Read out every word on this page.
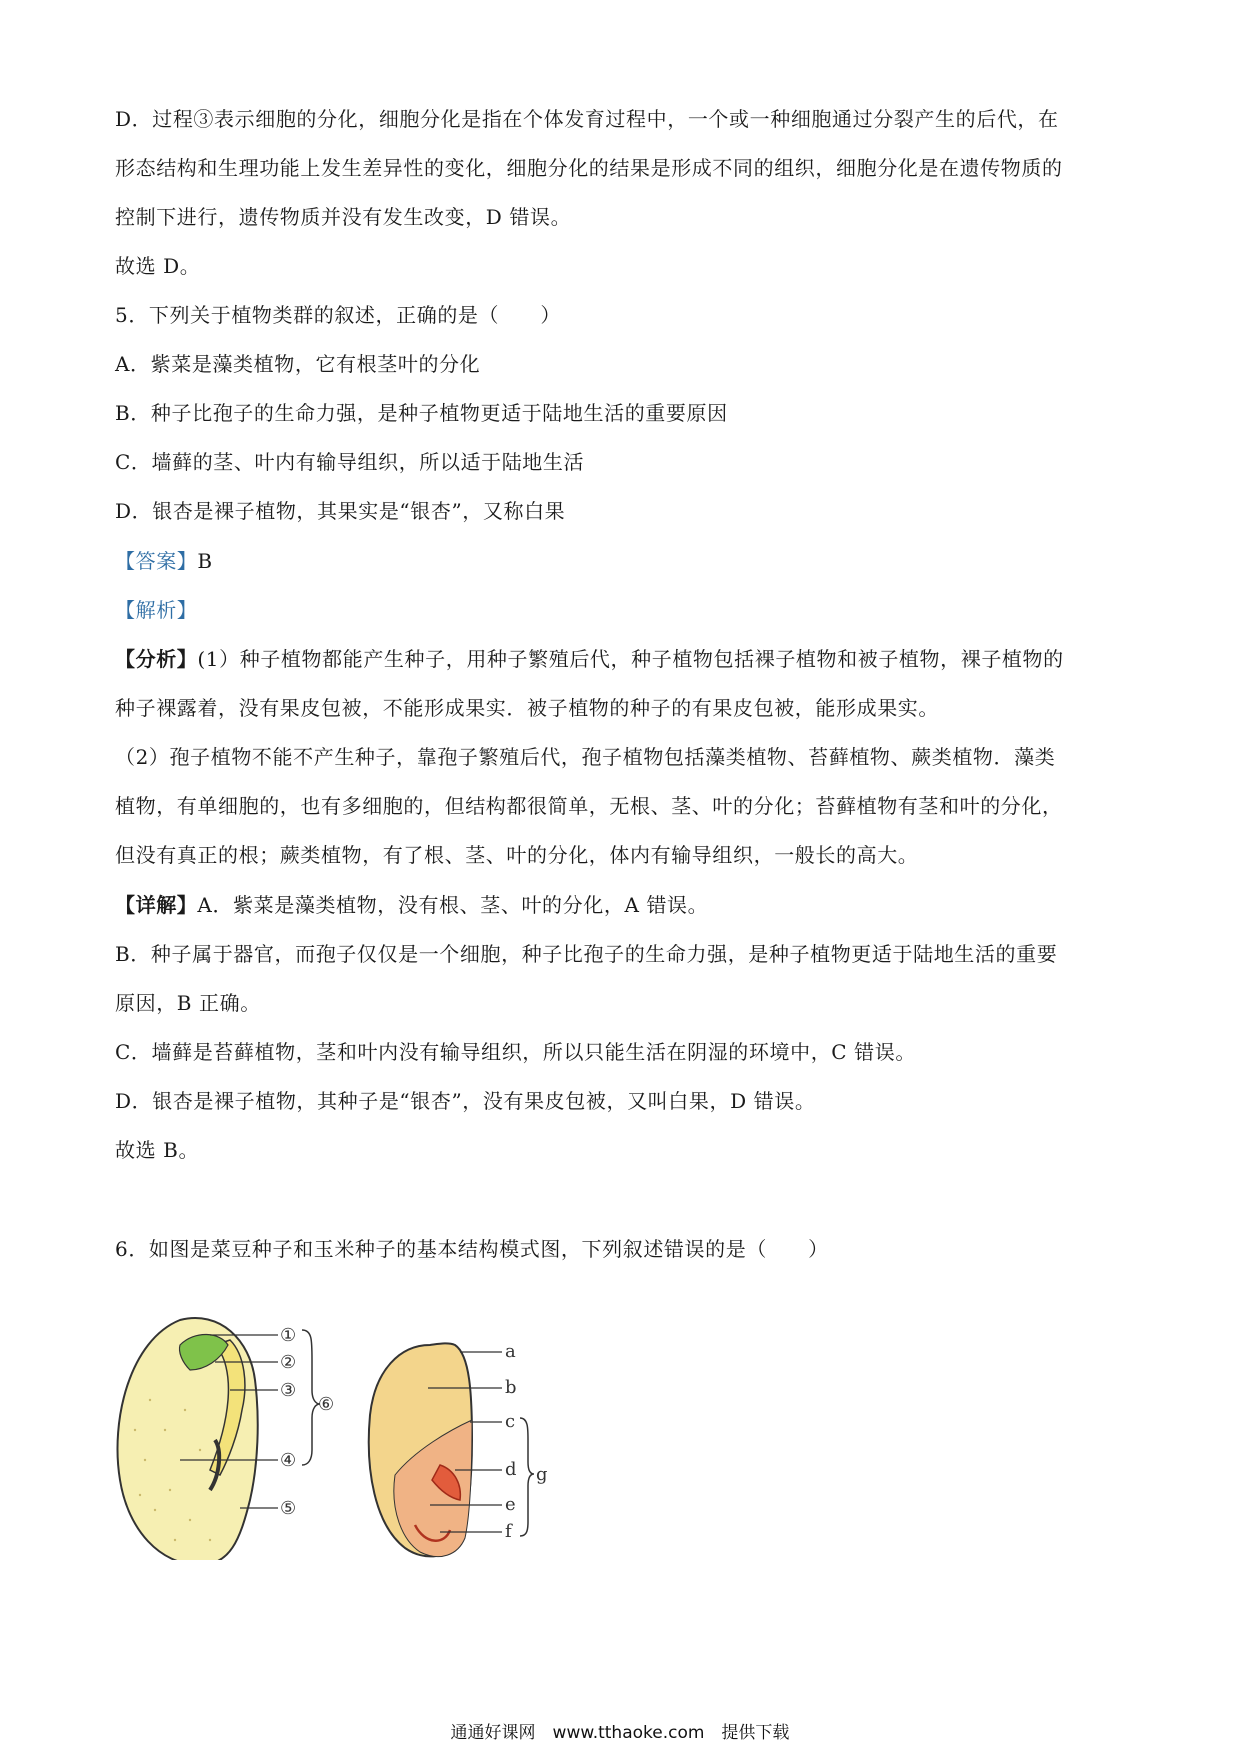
D．过程③表示细胞的分化，细胞分化是指在个体发育过程中，一个或一种细胞通过分裂产生的后代，在
形态结构和生理功能上发生差异性的变化，细胞分化的结果是形成不同的组织，细胞分化是在遗传物质的
控制下进行，遗传物质并没有发生改变，D 错误。
故选 D。
5．下列关于植物类群的叙述，正确的是（　　）
A．紫菜是藻类植物，它有根茎叶的分化
B．种子比孢子的生命力强，是种子植物更适于陆地生活的重要原因
C．墙藓的茎、叶内有输导组织，所以适于陆地生活
D．银杏是裸子植物，其果实是“银杏”，又称白果
【答案】B
【解析】
【分析】(1）种子植物都能产生种子，用种子繁殖后代，种子植物包括裸子植物和被子植物，裸子植物的
种子裸露着，没有果皮包被，不能形成果实．被子植物的种子的有果皮包被，能形成果实。
（2）孢子植物不能不产生种子，靠孢子繁殖后代，孢子植物包括藻类植物、苔藓植物、蕨类植物．藻类
植物，有单细胞的，也有多细胞的，但结构都很简单，无根、茎、叶的分化；苔藓植物有茎和叶的分化，
但没有真正的根；蕨类植物，有了根、茎、叶的分化，体内有输导组织，一般长的高大。
【详解】A．紫菜是藻类植物，没有根、茎、叶的分化，A 错误。
B．种子属于器官，而孢子仅仅是一个细胞，种子比孢子的生命力强，是种子植物更适于陆地生活的重要
原因，B 正确。
C．墙藓是苔藓植物，茎和叶内没有输导组织，所以只能生活在阴湿的环境中，C 错误。
D．银杏是裸子植物，其种子是“银杏”，没有果皮包被，又叫白果，D 错误。
故选 B。
6．如图是菜豆种子和玉米种子的基本结构模式图，下列叙述错误的是（　　）
①
②
③
④
⑤
⑥
a
b
c
d
e
f
g
通通好课网　www.tthaoke.com　提供下载
